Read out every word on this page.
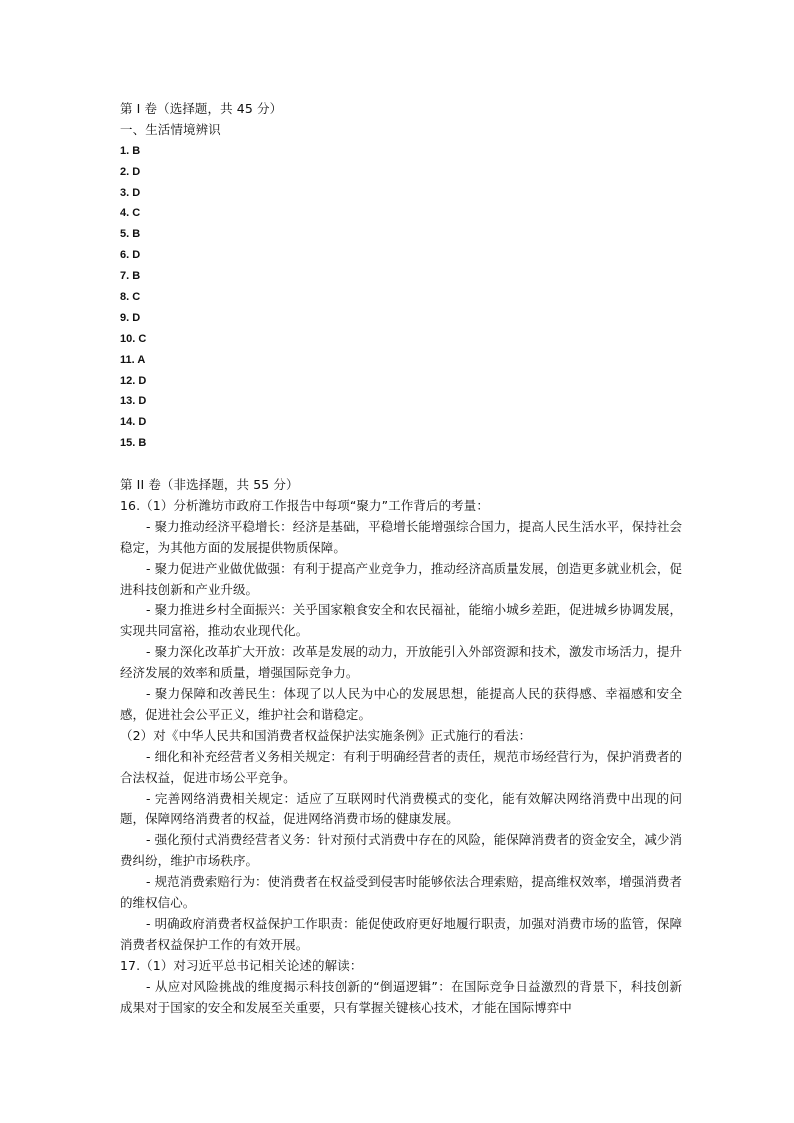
第 I 卷（选择题，共 45 分）
一、生活情境辨识
1. B
2. D
3. D
4. C
5. B
6. D
7. B
8. C
9. D
10. C
11. A
12. D
13. D
14. D
15. B
第 II 卷（非选择题，共 55 分）
16.（1）分析潍坊市政府工作报告中每项“聚力”工作背后的考量：
- 聚力推动经济平稳增长：经济是基础，平稳增长能增强综合国力，提高人民生活水平，保持社会稳定，为其他方面的发展提供物质保障。
- 聚力促进产业做优做强：有利于提高产业竞争力，推动经济高质量发展，创造更多就业机会，促进科技创新和产业升级。
- 聚力推进乡村全面振兴：关乎国家粮食安全和农民福祉，能缩小城乡差距，促进城乡协调发展，实现共同富裕，推动农业现代化。
- 聚力深化改革扩大开放：改革是发展的动力，开放能引入外部资源和技术，激发市场活力，提升经济发展的效率和质量，增强国际竞争力。
- 聚力保障和改善民生：体现了以人民为中心的发展思想，能提高人民的获得感、幸福感和安全感，促进社会公平正义，维护社会和谐稳定。
（2）对《中华人民共和国消费者权益保护法实施条例》正式施行的看法：
- 细化和补充经营者义务相关规定：有利于明确经营者的责任，规范市场经营行为，保护消费者的合法权益，促进市场公平竞争。
- 完善网络消费相关规定：适应了互联网时代消费模式的变化，能有效解决网络消费中出现的问题，保障网络消费者的权益，促进网络消费市场的健康发展。
- 强化预付式消费经营者义务：针对预付式消费中存在的风险，能保障消费者的资金安全，减少消费纠纷，维护市场秩序。
- 规范消费索赔行为：使消费者在权益受到侵害时能够依法合理索赔，提高维权效率，增强消费者的维权信心。
- 明确政府消费者权益保护工作职责：能促使政府更好地履行职责，加强对消费市场的监管，保障消费者权益保护工作的有效开展。
17.（1）对习近平总书记相关论述的解读：
- 从应对风险挑战的维度揭示科技创新的“倒逼逻辑”：在国际竞争日益激烈的背景下，科技创新成果对于国家的安全和发展至关重要，只有掌握关键核心技术，才能在国际博弈中
